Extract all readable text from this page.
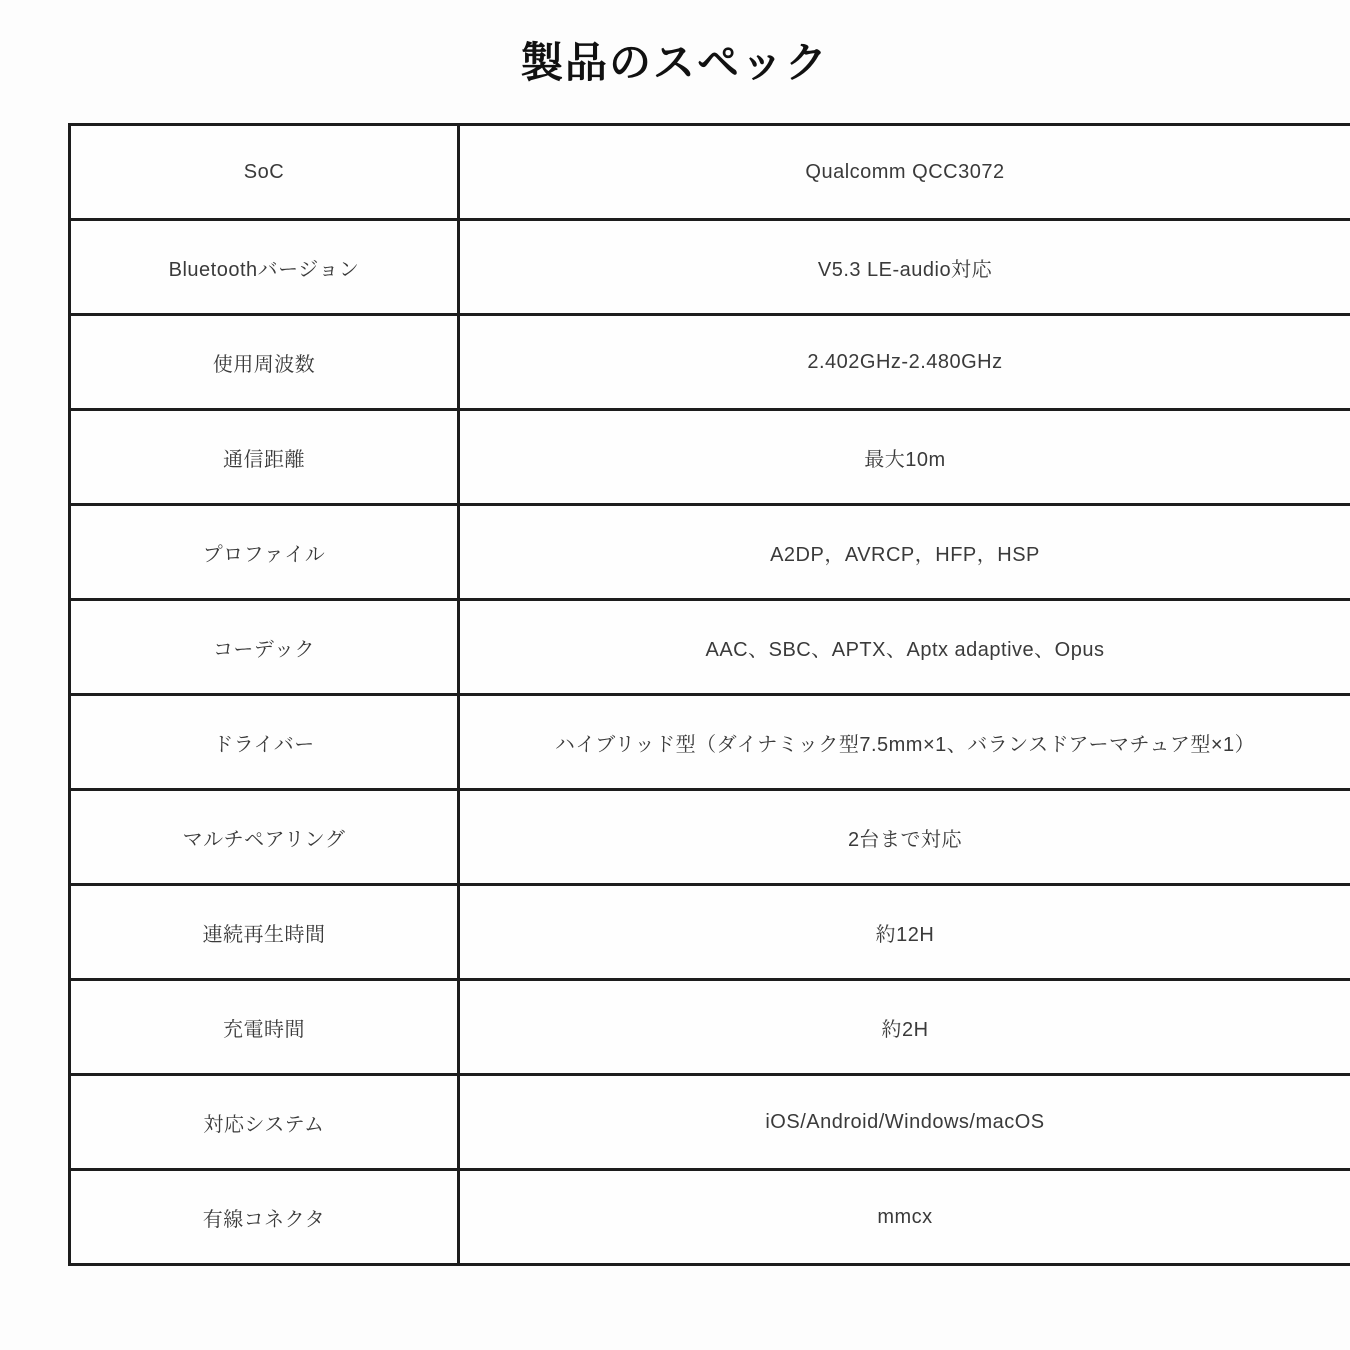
製品のスペック
SoC	Qualcomm QCC3072
Bluetoothバージョン	V5.3 LE-audio対応
使用周波数	2.402GHz-2.480GHz
通信距離	最大10m
プロファイル	A2DP，AVRCP，HFP，HSP
コーデック	AAC、SBC、APTX、Aptx adaptive、Opus
ドライバー	ハイブリッド型（ダイナミック型7.5mm×1、バランスドアーマチュア型×1）
マルチペアリング	2台まで対応
連続再生時間	約12H
充電時間	約2H
対応システム	iOS/Android/Windows/macOS
有線コネクタ	mmcx
